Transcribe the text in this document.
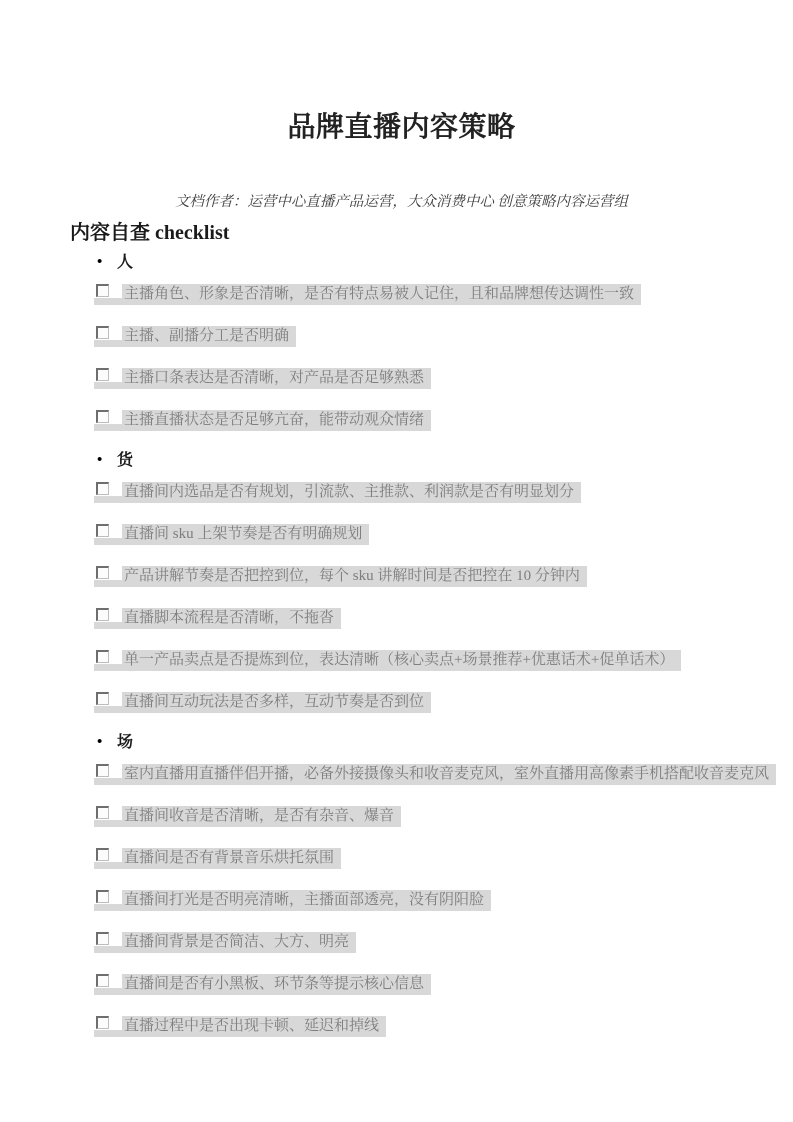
品牌直播内容策略

文档作者：运营中心直播产品运营，大众消费中心 创意策略内容运营组

内容自查 checklist
• 人
主播角色、形象是否清晰，是否有特点易被人记住，且和品牌想传达调性一致
主播、副播分工是否明确
主播口条表达是否清晰，对产品是否足够熟悉
主播直播状态是否足够亢奋，能带动观众情绪
• 货
直播间内选品是否有规划，引流款、主推款、利润款是否有明显划分
直播间 sku 上架节奏是否有明确规划
产品讲解节奏是否把控到位，每个 sku 讲解时间是否把控在 10 分钟内
直播脚本流程是否清晰，不拖沓
单一产品卖点是否提炼到位，表达清晰（核心卖点+场景推荐+优惠话术+促单话术）
直播间互动玩法是否多样，互动节奏是否到位
• 场
室内直播用直播伴侣开播，必备外接摄像头和收音麦克风，室外直播用高像素手机搭配收音麦克风
直播间收音是否清晰，是否有杂音、爆音
直播间是否有背景音乐烘托氛围
直播间打光是否明亮清晰，主播面部透亮，没有阴阳脸
直播间背景是否简洁、大方、明亮
直播间是否有小黑板、环节条等提示核心信息
直播过程中是否出现卡顿、延迟和掉线
